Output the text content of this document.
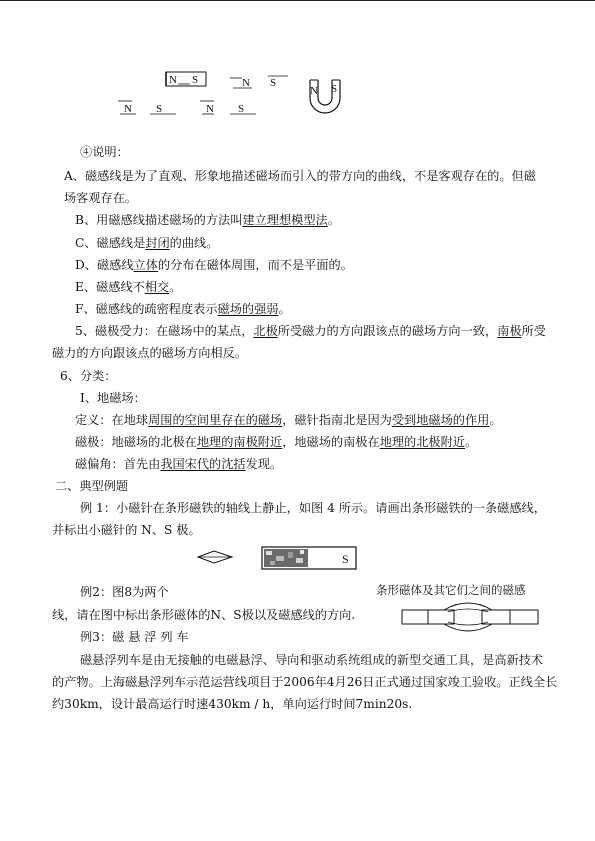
N S	N S
N S
N S	N S
④说明：
A、磁感线是为了直观、形象地描述磁场而引入的带方向的曲线，不是客观存在的。但磁
场客观存在。
B、用磁感线描述磁场的方法叫建立理想模型法。
C、磁感线是封闭的曲线。
D、磁感线立体的分布在磁体周围，而不是平面的。
E、磁感线不相交。
F、磁感线的疏密程度表示磁场的强弱。
5、磁极受力：在磁场中的某点，北极所受磁力的方向跟该点的磁场方向一致，南极所受
磁力的方向跟该点的磁场方向相反。
6、分类：
Ⅰ、地磁场：
定义：在地球周围的空间里存在的磁场，磁针指南北是因为受到地磁场的作用。
磁极：地磁场的北极在地理的南极附近，地磁场的南极在地理的北极附近。
磁偏角：首先由我国宋代的沈括发现。
二、典型例题
例 1：小磁针在条形磁铁的轴线上静止，如图 4 所示。请画出条形磁铁的一条磁感线，
并标出小磁针的 N、S 极。
S
例2：图8为两个	条形磁体及其它们之间的磁感
线，请在图中标出条形磁体的N、S极以及磁感线的方向.
例3：磁 悬 浮 列 车
磁悬浮列车是由无接触的电磁悬浮、导向和驱动系统组成的新型交通工具，是高新技术
的产物。上海磁悬浮列车示范运营线项目于2006年4月26日正式通过国家竣工验收。正线全长
约30km，设计最高运行时速430km / h，单向运行时间7min20s.
